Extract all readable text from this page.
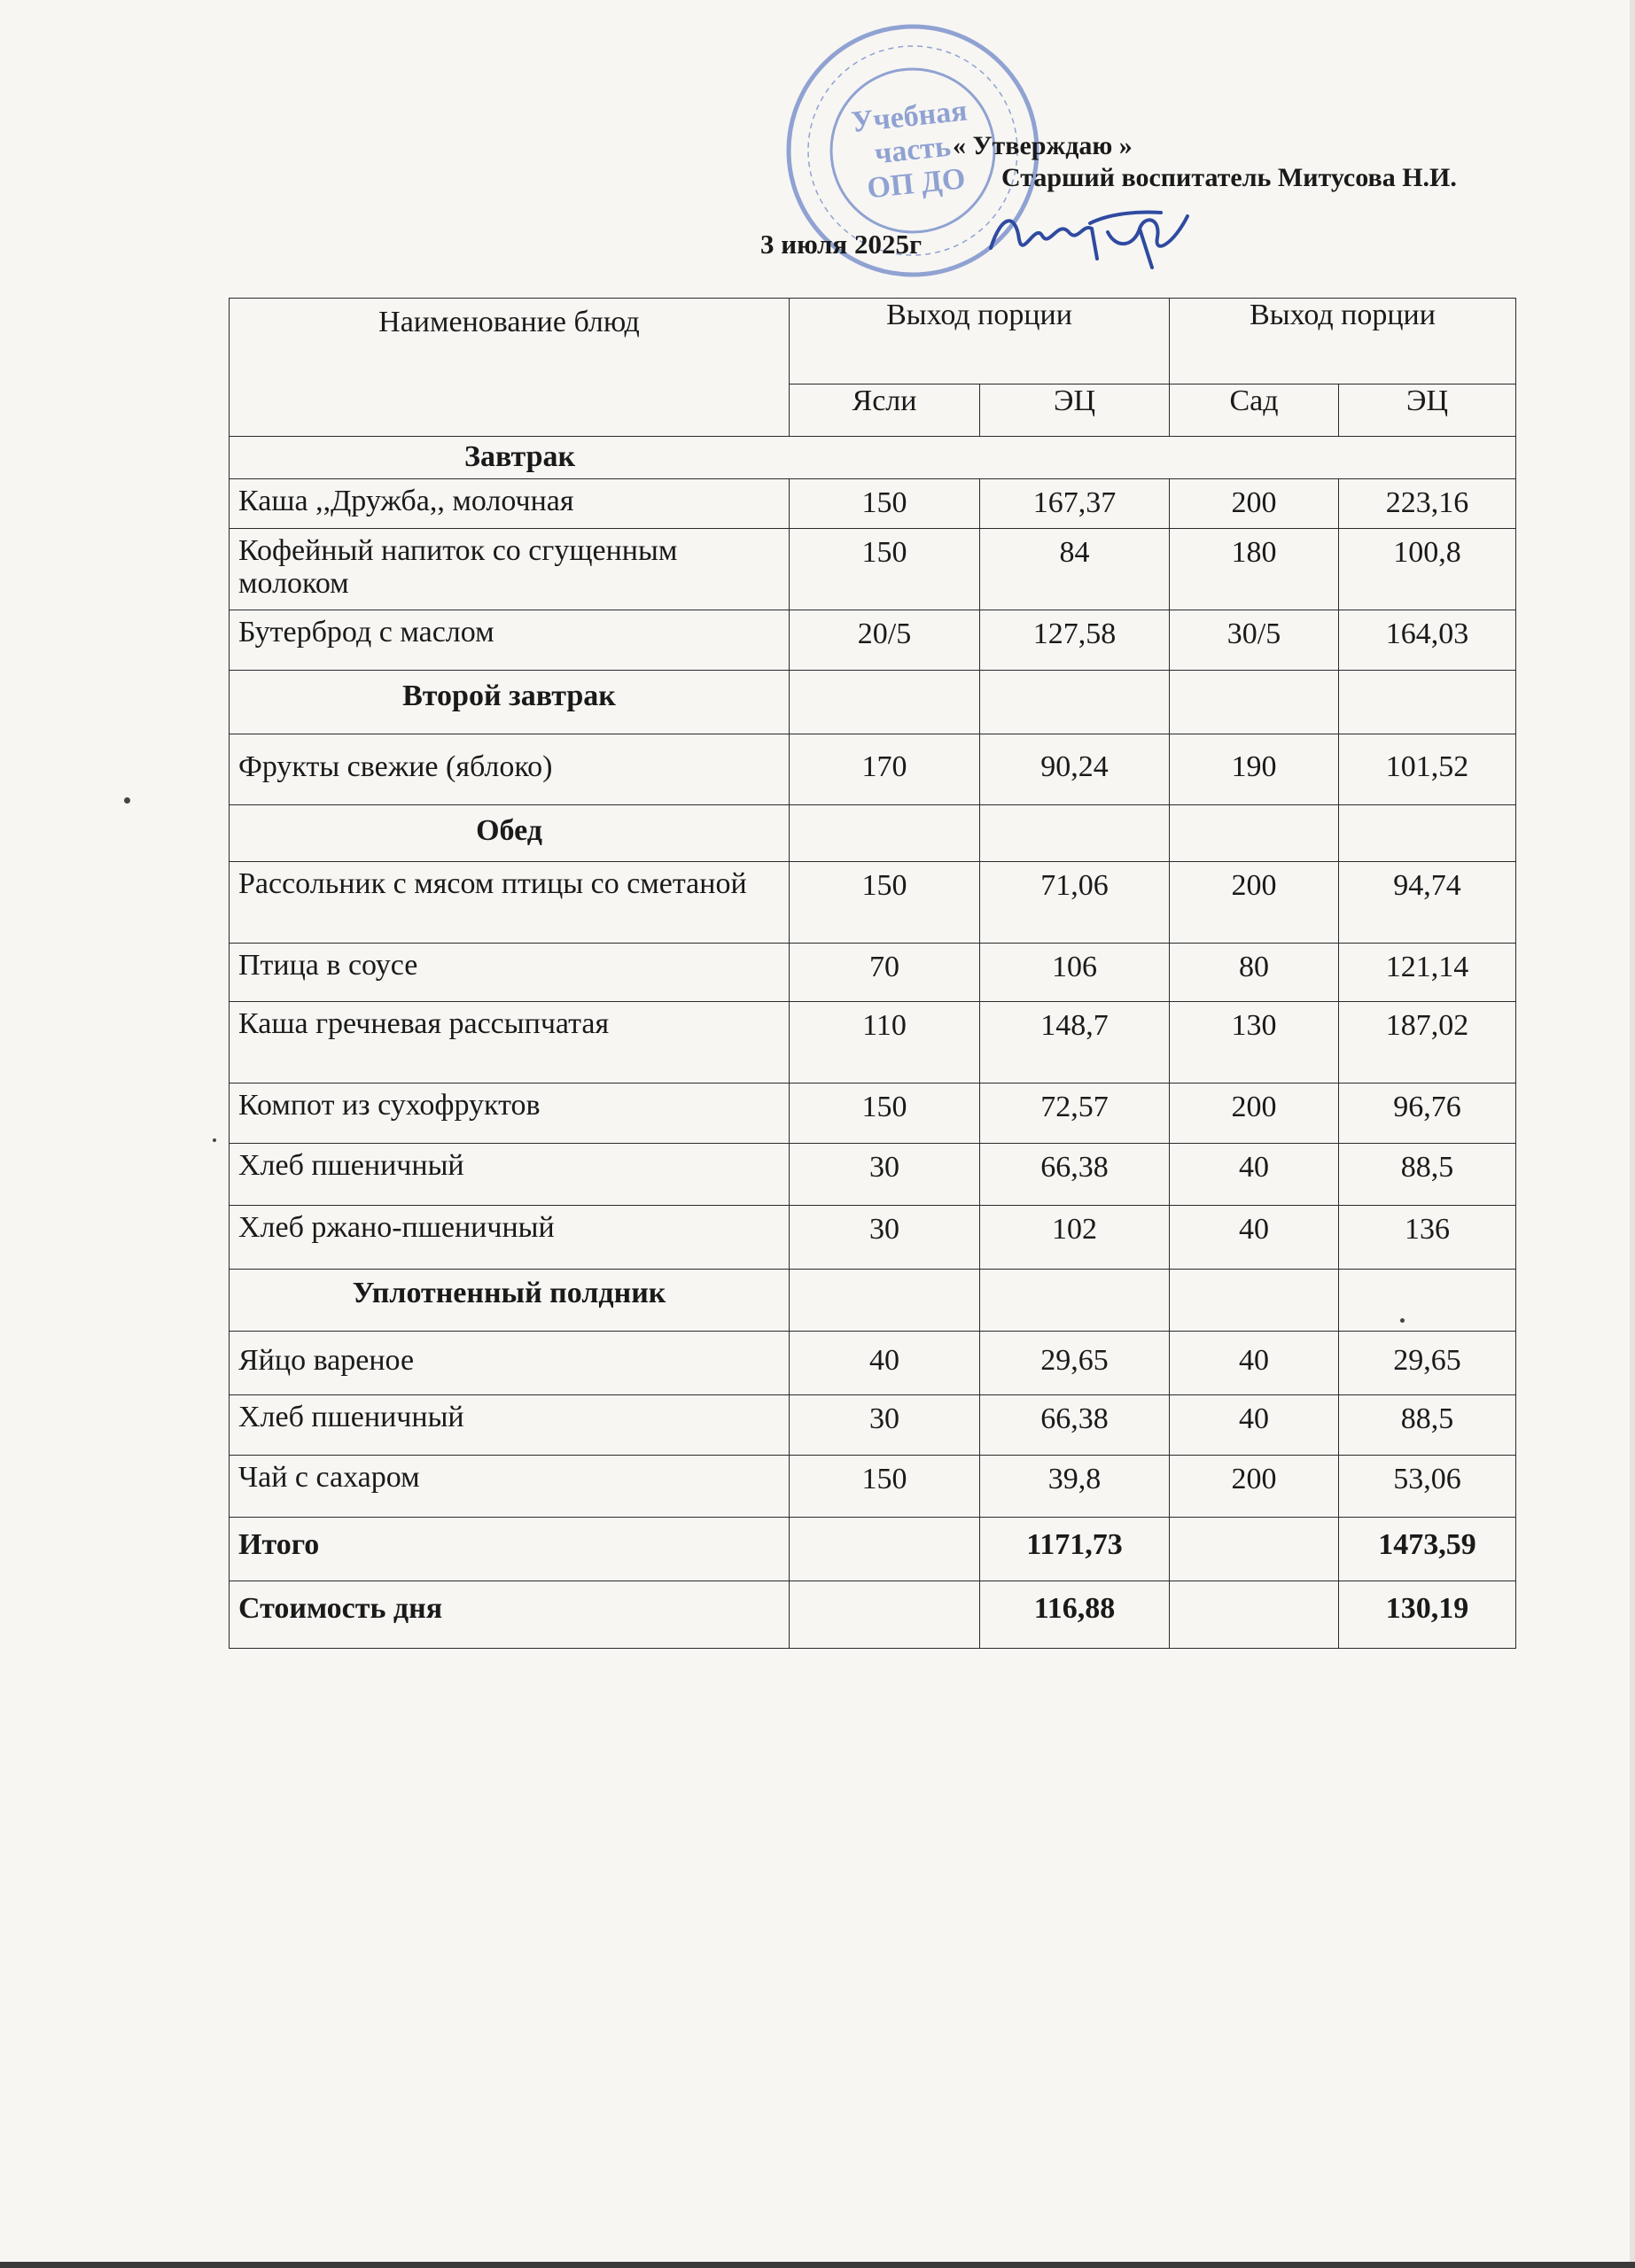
Учебная
часть
ОП ДО
« Утверждаю »
Старший воспитатель Митусова Н.И.
3 июля 2025г
Наименование блюд	Выход порции		Выход порции	
	Ясли	ЭЦ	Сад	ЭЦ
Завтрак				
Каша ,,Дружба,, молочная	150	167,37	200	223,16
Кофейный напиток со сгущенным молоком	150	84	180	100,8
Бутерброд с маслом	20/5	127,58	30/5	164,03
Второй завтрак				
Фрукты свежие (яблоко)	170	90,24	190	101,52
Обед				
Рассольник с мясом птицы со сметаной	150	71,06	200	94,74
Птица в соусе	70	106	80	121,14
Каша гречневая рассыпчатая	110	148,7	130	187,02
Компот из сухофруктов	150	72,57	200	96,76
Хлеб пшеничный	30	66,38	40	88,5
Хлеб ржано-пшеничный	30	102	40	136
Уплотненный полдник				
Яйцо вареное	40	29,65	40	29,65
Хлеб пшеничный	30	66,38	40	88,5
Чай с сахаром	150	39,8	200	53,06
Итого		1171,73		1473,59
Стоимость дня		116,88		130,19
